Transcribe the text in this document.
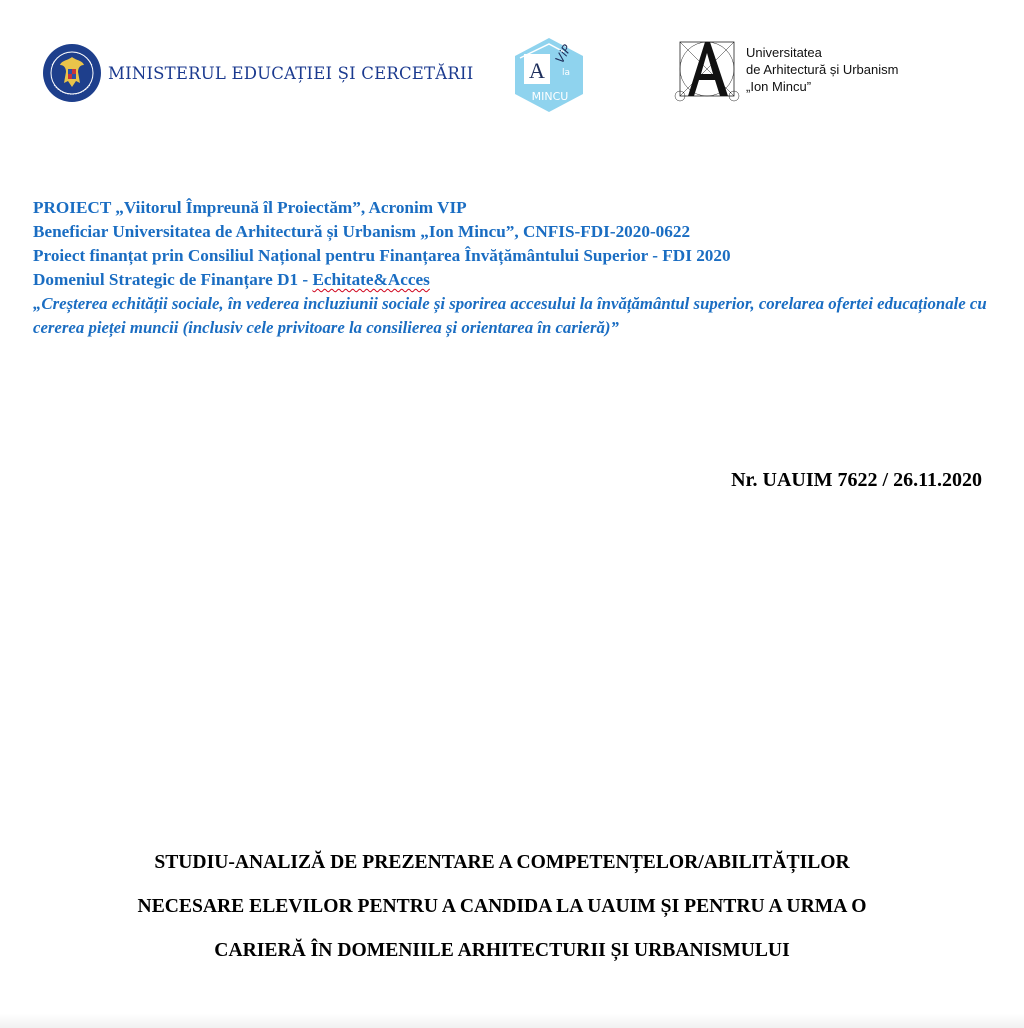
MINISTERUL EDUCAȚIEI ȘI CERCETĂRII	A
ViP
la
MINCU
Universitatea
de Arhitectură și Urbanism
„Ion Mincu”
PROIECT „Viitorul Împreună îl Proiectăm”, Acronim VIP
Beneficiar Universitatea de Arhitectură și Urbanism „Ion Mincu”, CNFIS-FDI-2020-0622
Proiect finanțat prin Consiliul Național pentru Finanțarea Învățământului Superior - FDI 2020
Domeniul Strategic de Finanțare D1 - Echitate&Acces
„Creșterea echității sociale, în vederea incluziunii sociale și sporirea accesului la învățământul superior, corelarea ofertei educaționale cu cererea pieței muncii (inclusiv cele privitoare la consilierea și orientarea în carieră)”
Nr. UAUIM 7622 / 26.11.2020
STUDIU-ANALIZĂ DE PREZENTARE A COMPETENȚELOR/ABILITĂȚILOR
NECESARE ELEVILOR PENTRU A CANDIDA LA UAUIM ȘI PENTRU A URMA O
CARIERĂ ÎN DOMENIILE ARHITECTURII ȘI URBANISMULUI
